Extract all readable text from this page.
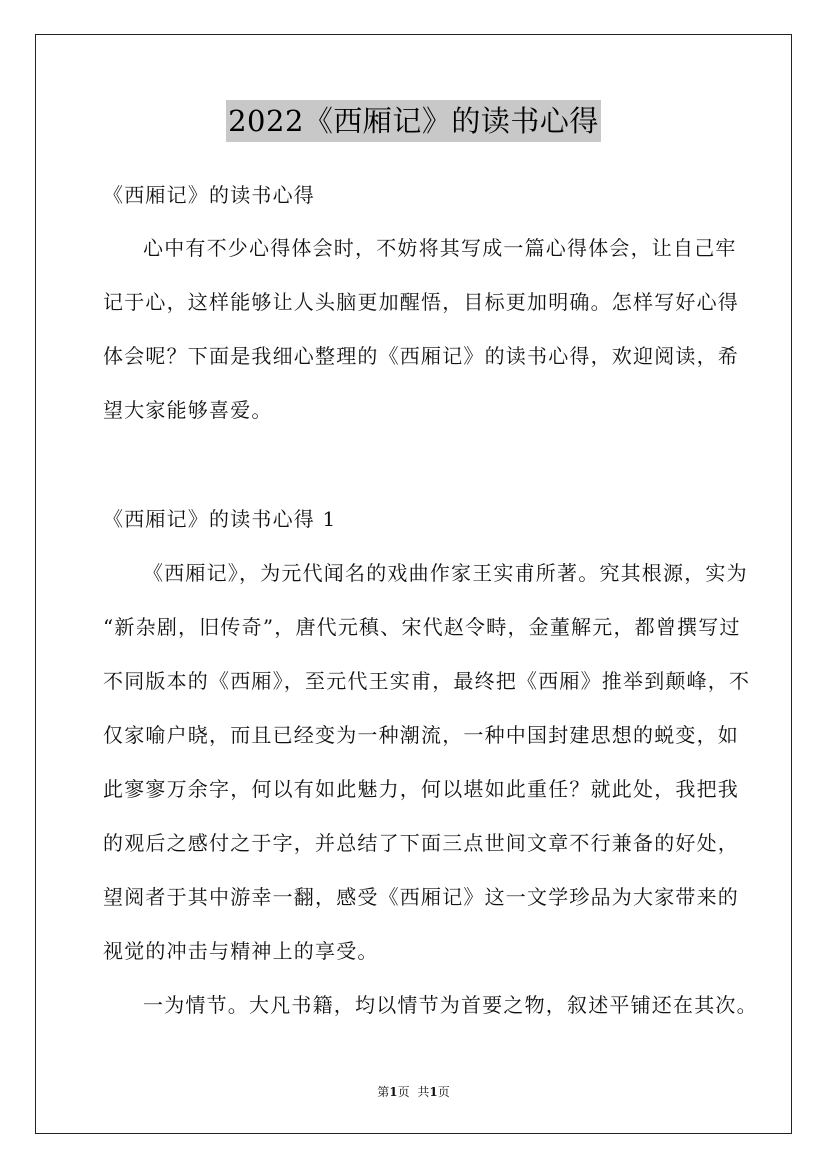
2022《西厢记》的读书心得
《西厢记》的读书心得
心中有不少心得体会时，不妨将其写成一篇心得体会，让自己牢
记于心，这样能够让人头脑更加醒悟，目标更加明确。怎样写好心得
体会呢？下面是我细心整理的《西厢记》的读书心得，欢迎阅读，希
望大家能够喜爱。
《西厢记》的读书心得 1
《西厢记》，为元代闻名的戏曲作家王实甫所著。究其根源，实为
“新杂剧，旧传奇”，唐代元稹、宋代赵令畤，金董解元，都曾撰写过
不同版本的《西厢》，至元代王实甫，最终把《西厢》推举到颠峰，不
仅家喻户晓，而且已经变为一种潮流，一种中国封建思想的蜕变，如
此寥寥万余字，何以有如此魅力，何以堪如此重任？就此处，我把我
的观后之感付之于字，并总结了下面三点世间文章不行兼备的好处，
望阅者于其中游幸一翻，感受《西厢记》这一文学珍品为大家带来的
视觉的冲击与精神上的享受。
一为情节。大凡书籍，均以情节为首要之物，叙述平铺还在其次。
第1页 共1页
